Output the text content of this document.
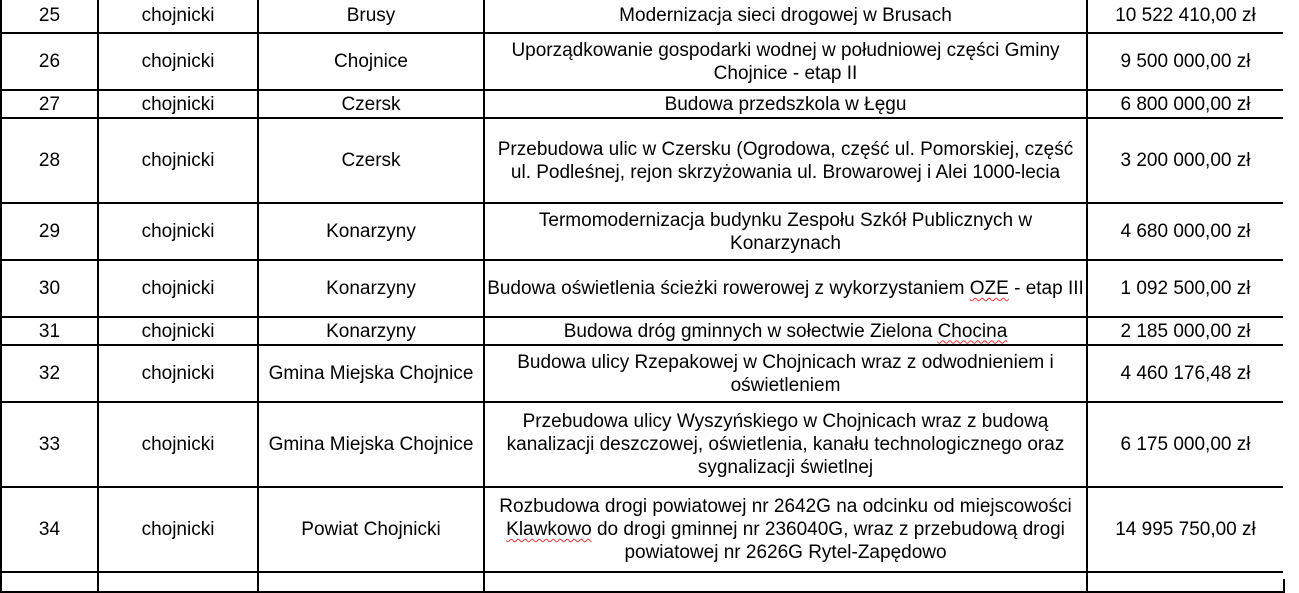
25	chojnicki	Brusy	Modernizacja sieci drogowej w Brusach	10 522 410,00 zł
26	chojnicki	Chojnice	Uporządkowanie gospodarki wodnej w południowej części Gminy Chojnice - etap II	9 500 000,00 zł
27	chojnicki	Czersk	Budowa przedszkola w Łęgu	6 800 000,00 zł
28	chojnicki	Czersk	Przebudowa ulic w Czersku (Ogrodowa, część ul. Pomorskiej, część ul. Podleśnej, rejon skrzyżowania ul. Browarowej i Alei 1000-lecia	3 200 000,00 zł
29	chojnicki	Konarzyny	Termomodernizacja budynku Zespołu Szkół Publicznych w Konarzynach	4 680 000,00 zł
30	chojnicki	Konarzyny	Budowa oświetlenia ścieżki rowerowej z wykorzystaniem OZE - etap III	1 092 500,00 zł
31	chojnicki	Konarzyny	Budowa dróg gminnych w sołectwie Zielona Chocina	2 185 000,00 zł
32	chojnicki	Gmina Miejska Chojnice	Budowa ulicy Rzepakowej w Chojnicach wraz z odwodnieniem i oświetleniem	4 460 176,48 zł
33	chojnicki	Gmina Miejska Chojnice	Przebudowa ulicy Wyszyńskiego w Chojnicach wraz z budową kanalizacji deszczowej, oświetlenia, kanału technologicznego oraz sygnalizacji świetlnej	6 175 000,00 zł
34	chojnicki	Powiat Chojnicki	Rozbudowa drogi powiatowej nr 2642G na odcinku od miejscowości Klawkowo do drogi gminnej nr 236040G, wraz z przebudową drogi powiatowej nr 2626G Rytel-Zapędowo	14 995 750,00 zł
